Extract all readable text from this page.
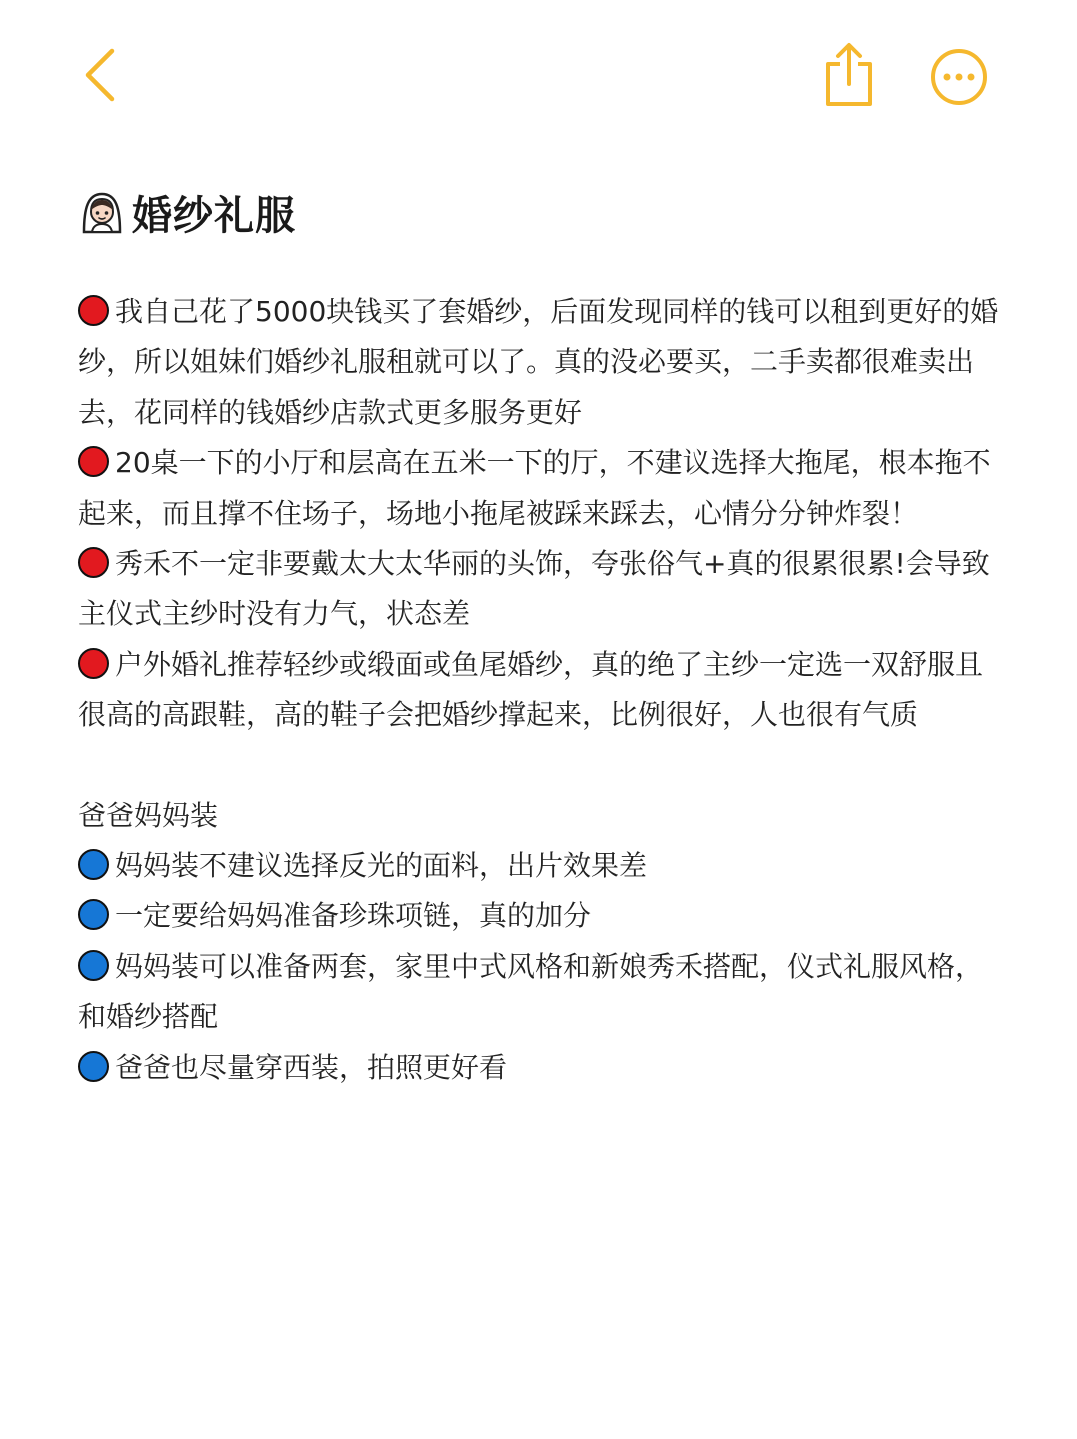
婚纱礼服

我自己花了5000块钱买了套婚纱，后面发现同样的钱可以租到更好的婚纱，所以姐妹们婚纱礼服租就可以了。真的没必要买，二手卖都很难卖出去，花同样的钱婚纱店款式更多服务更好

20桌一下的小厅和层高在五米一下的厅，不建议选择大拖尾，根本拖不起来，而且撑不住场子，场地小拖尾被踩来踩去，心情分分钟炸裂！

秀禾不一定非要戴太大太华丽的头饰，夸张俗气+真的很累很累!会导致主仪式主纱时没有力气，状态差

户外婚礼推荐轻纱或缎面或鱼尾婚纱，真的绝了主纱一定选一双舒服且很高的高跟鞋，高的鞋子会把婚纱撑起来，比例很好，人也很有气质

爸爸妈妈装

妈妈装不建议选择反光的面料，出片效果差

一定要给妈妈准备珍珠项链，真的加分

妈妈装可以准备两套，家里中式风格和新娘秀禾搭配，仪式礼服风格，和婚纱搭配

爸爸也尽量穿西装，拍照更好看
